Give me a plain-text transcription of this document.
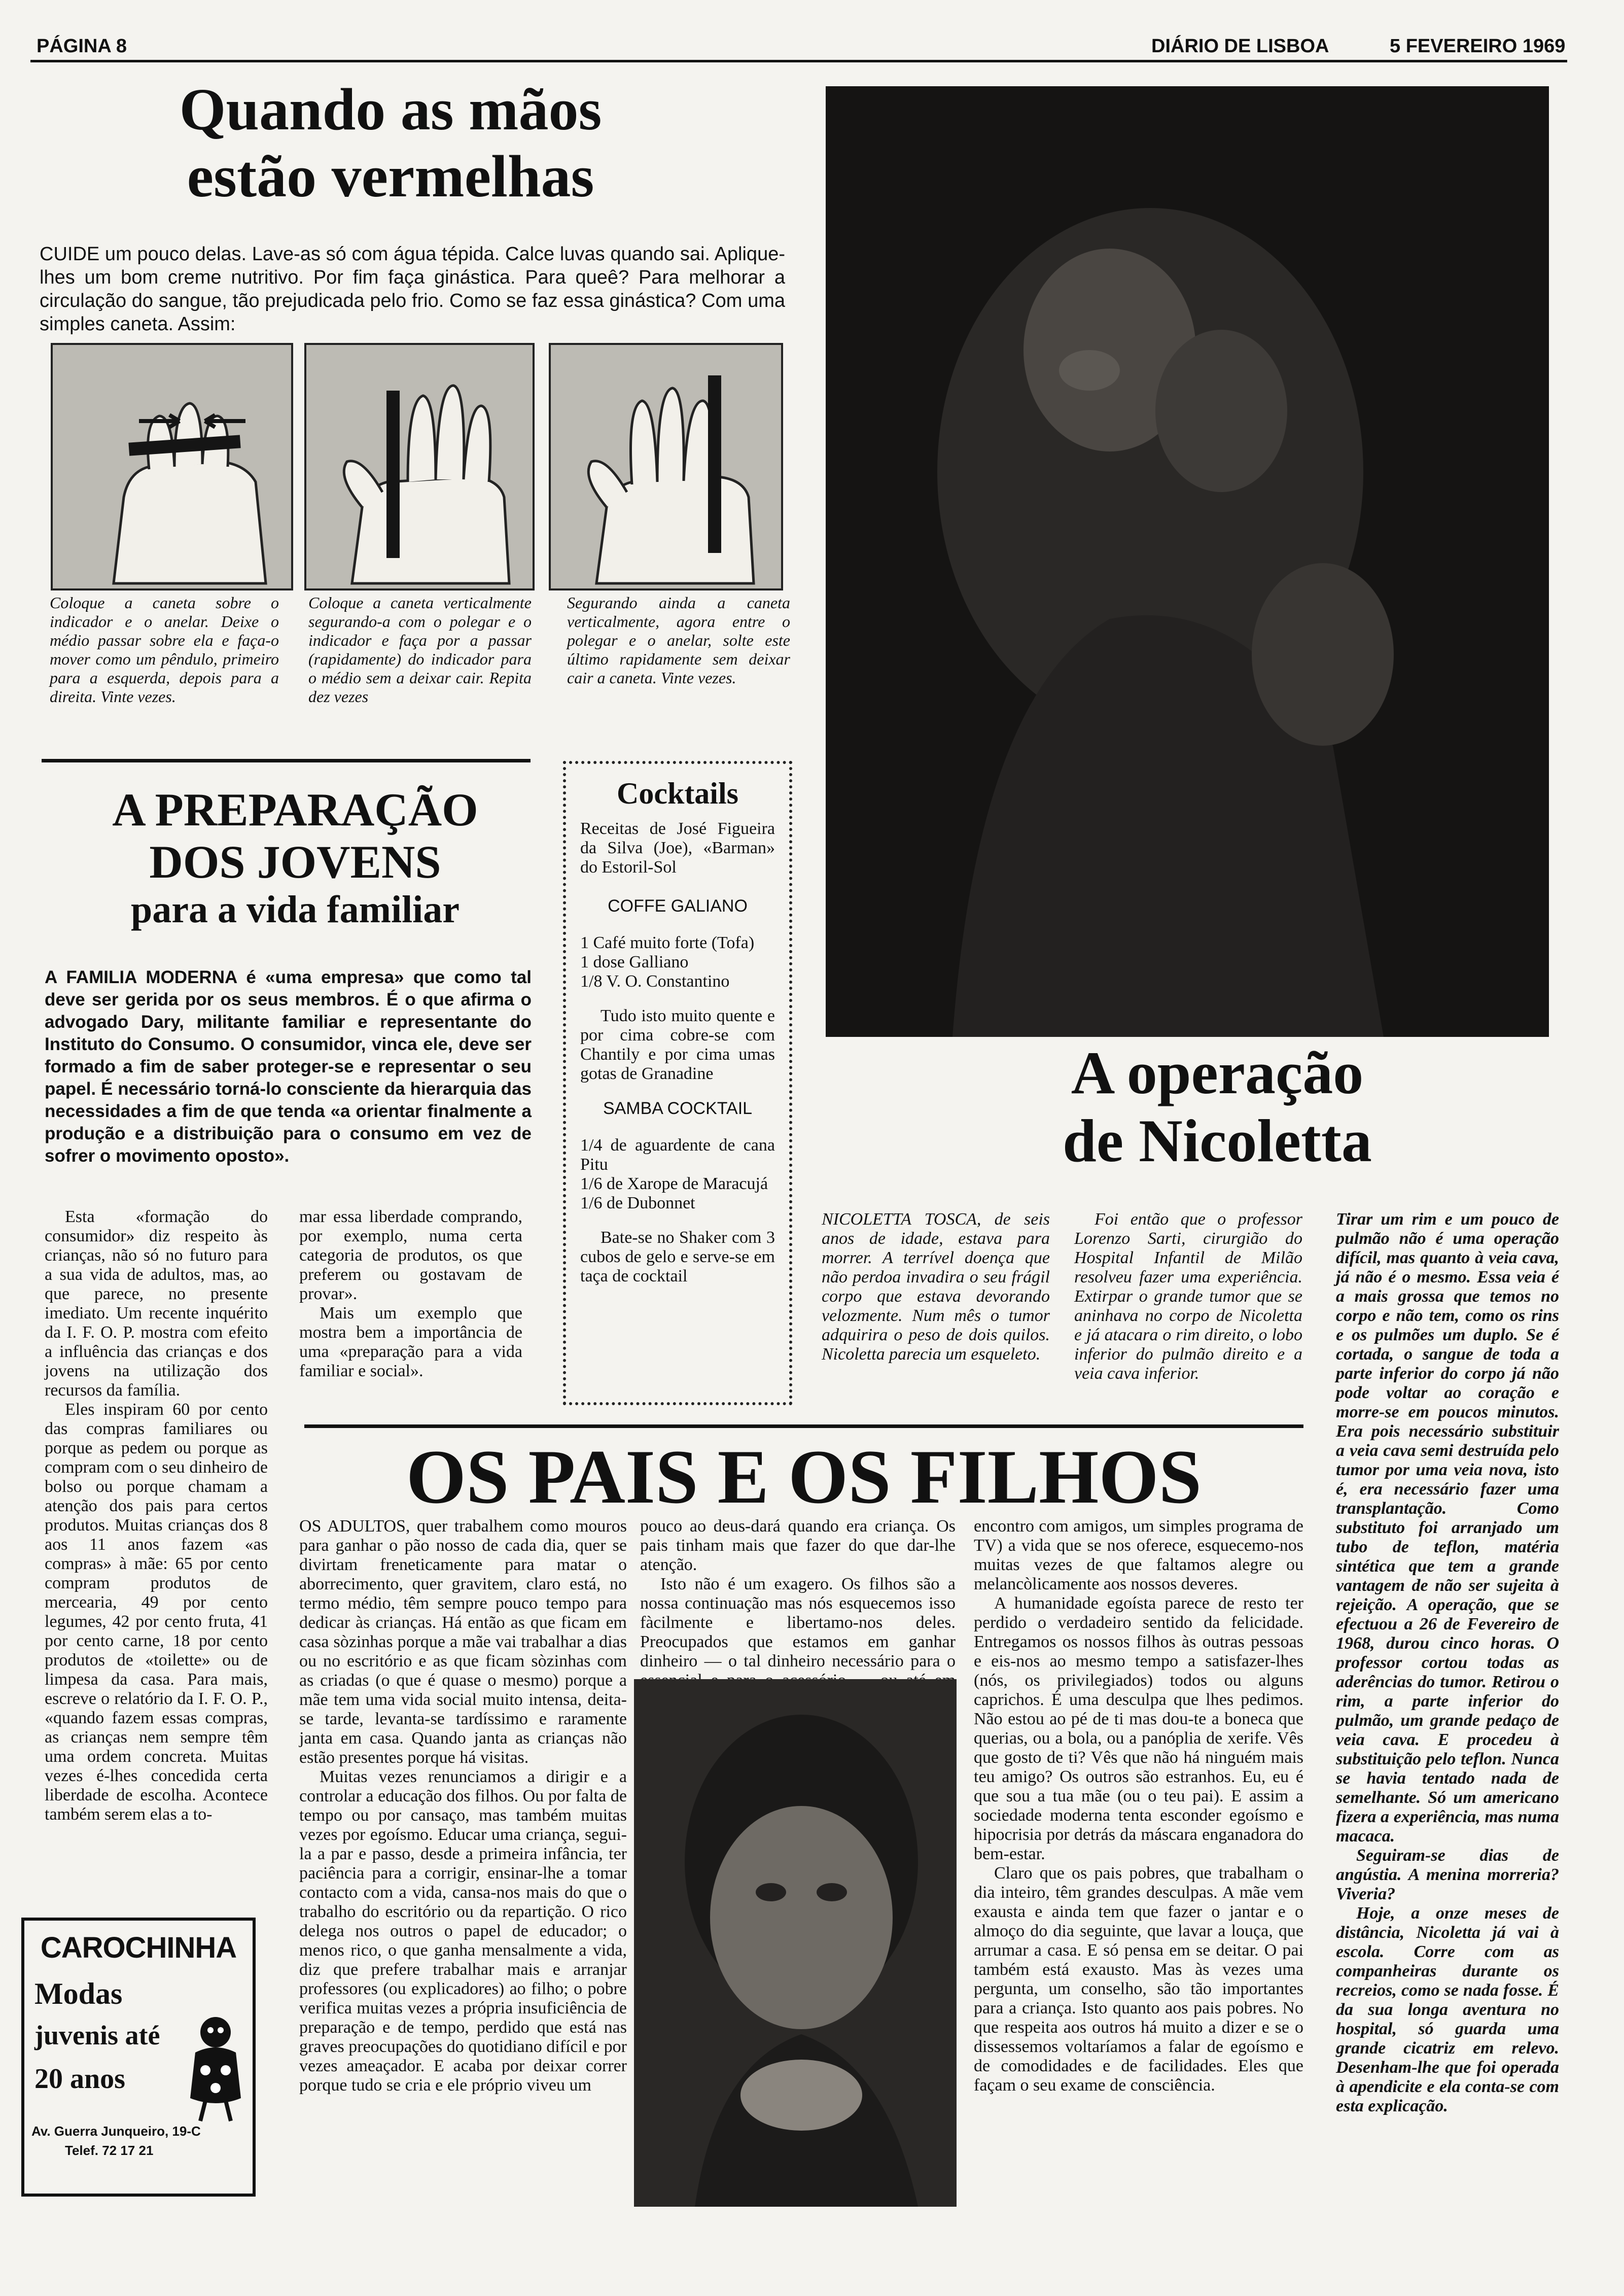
PÁGINA 8	DIÁRIO DE LISBOA	5 FEVEREIRO 1969
Quando as mãos
estão vermelhas
CUIDE um pouco delas. Lave-as só com água tépida. Calce luvas quando sai. Aplique-lhes um bom creme nutritivo. Por fim faça ginástica. Para queê? Para melhorar a circulação do sangue, tão prejudicada pelo frio. Como se faz essa ginástica? Com uma simples caneta. Assim:
Coloque a caneta sobre o indicador e o anelar. Deixe o médio passar sobre ela e faça-o mover como um pêndulo, primeiro para a esquerda, depois para a direita. Vinte vezes.
Coloque a caneta verticalmente segurando-a com o polegar e o indicador e faça por a passar (rapidamente) do indicador para o médio sem a deixar cair. Repita dez vezes
Segurando ainda a caneta verticalmente, agora entre o polegar e o anelar, solte este último rapidamente sem deixar cair a caneta. Vinte vezes.
A PREPARAÇÃO
DOS JOVENS
para a vida familiar
A FAMILIA MODERNA é «uma empresa» que como tal deve ser gerida por os seus membros. É o que afirma o advogado Dary, militante familiar e representante do Instituto do Consumo. O consumidor, vinca ele, deve ser formado a fim de saber proteger-se e representar o seu papel. É necessário torná-lo consciente da hierarquia das necessidades a fim de que tenda «a orientar finalmente a produção e a distribuição para o consumo em vez de sofrer o movimento oposto».

Esta «formação do consumidor» diz respeito às crianças, não só no futuro para a sua vida de adultos, mas, ao que parece, no presente imediato. Um recente inquérito da I. F. O. P. mostra com efeito a influência das crianças e dos jovens na utilização dos recursos da família.

Eles inspiram 60 por cento das compras familiares ou porque as pedem ou porque as compram com o seu dinheiro de bolso ou porque chamam a atenção dos pais para certos produtos. Muitas crianças dos 8 aos 11 anos fazem «as compras» à mãe: 65 por cento compram produtos de mercearia, 49 por cento legumes, 42 por cento fruta, 41 por cento carne, 18 por cento produtos de «toilette» ou de limpesa da casa. Para mais, escreve o relatório da I. F. O. P., «quando fazem essas compras, as crianças nem sempre têm uma ordem concreta. Muitas vezes é-lhes concedida certa liberdade de escolha. Acontece também serem elas a to-

mar essa liberdade comprando, por exemplo, numa certa categoria de produtos, os que preferem ou gostavam de provar».

Mais um exemplo que mostra bem a importância de uma «preparação para a vida familiar e social».

Cocktails
Receitas de José Figueira da Silva (Joe), «Barman» do Estoril-Sol
COFFE GALIANO
1 Café muito forte (Tofa)
1 dose Galliano
1/8 V. O. Constantino
Tudo isto muito quente e por cima cobre-se com Chantily e por cima umas gotas de Granadine
SAMBA COCKTAIL
1/4 de aguardente de cana Pitu
1/6 de Xarope de Maracujá
1/6 de Dubonnet
Bate-se no Shaker com 3 cubos de gelo e serve-se em taça de cocktail
A operação
de Nicoletta
NICOLETTA TOSCA, de seis anos de idade, estava para morrer. A terrível doença que não perdoa invadira o seu frágil corpo que estava devorando velozmente. Num mês o tumor adquirira o peso de dois quilos. Nicoletta parecia um esqueleto.
Foi então que o professor Lorenzo Sarti, cirurgião do Hospital Infantil de Milão resolveu fazer uma experiência. Extirpar o grande tumor que se aninhava no corpo de Nicoletta e já atacara o rim direito, o lobo inferior do pulmão direito e a veia cava inferior.

Tirar um rim e um pouco de pulmão não é uma operação difícil, mas quanto à veia cava, já não é o mesmo. Essa veia é a mais grossa que temos no corpo e não tem, como os rins e os pulmões um duplo. Se é cortada, o sangue de toda a parte inferior do corpo já não pode voltar ao coração e morre-se em poucos minutos. Era pois necessário substituir a veia cava semi destruída pelo tumor por uma veia nova, isto é, era necessário fazer uma transplantação. Como substituto foi arranjado um tubo de teflon, matéria sintética que tem a grande vantagem de não ser sujeita à rejeição. A operação, que se efectuou a 26 de Fevereiro de 1968, durou cinco horas. O professor cortou todas as aderências do tumor. Retirou o rim, a parte inferior do pulmão, um grande pedaço de veia cava. E procedeu à substituição pelo teflon. Nunca se havia tentado nada de semelhante. Só um americano fizera a experiência, mas numa macaca.

Seguiram-se dias de angústia. A menina morreria? Viveria?

Hoje, a onze meses de distância, Nicoletta já vai à escola. Corre com as companheiras durante os recreios, como se nada fosse. É da sua longa aventura no hospital, só guarda uma grande cicatriz em relevo. Desenham-lhe que foi operada à apendicite e ela conta-se com esta explicação.

OS PAIS E OS FILHOS

OS ADULTOS, quer trabalhem como mouros para ganhar o pão nosso de cada dia, quer se divirtam freneticamente para matar o aborrecimento, quer gravitem, claro está, no termo médio, têm sempre pouco tempo para dedicar às crianças. Há então as que ficam em casa sòzinhas porque a mãe vai trabalhar a dias ou no escritório e as que ficam sòzinhas com as criadas (o que é quase o mesmo) porque a mãe tem uma vida social muito intensa, deita-se tarde, levanta-se tardíssimo e raramente janta em casa. Quando janta as crianças não estão presentes porque há visitas.

Muitas vezes renunciamos a dirigir e a controlar a educação dos filhos. Ou por falta de tempo ou por cansaço, mas também muitas vezes por egoísmo. Educar uma criança, segui-la a par e passo, desde a primeira infância, ter paciência para a corrigir, ensinar-lhe a tomar contacto com a vida, cansa-nos mais do que o trabalho do escritório ou da repartição. O rico delega nos outros o papel de educador; o menos rico, o que ganha mensalmente a vida, diz que prefere trabalhar mais e arranjar professores (ou explicadores) ao filho; o pobre verifica muitas vezes a própria insuficiência de preparação e de tempo, perdido que está nas graves preocupações do quotidiano difícil e por vezes ameaçador. E acaba por deixar correr porque tudo se cria e ele próprio viveu um

pouco ao deus-dará quando era criança. Os pais tinham mais que fazer do que dar-lhe atenção.

Isto não é um exagero. Os filhos são a nossa continuação mas nós esquecemos isso fàcilmente e libertamo-nos deles. Preocupados que estamos em ganhar dinheiro — o tal dinheiro necessário para o

encontro com amigos, um simples programa de TV) a vida que se nos oferece, esquecemo-nos muitas vezes de que faltamos alegre ou melancòlicamente aos nossos deveres.

A humanidade egoísta parece de resto ter perdido o verdadeiro sentido da felicidade. Entregamos os nossos filhos às outras pessoas e eis-nos ao mesmo tempo a satisfazer-lhes (nós, os privilegiados) todos ou alguns caprichos. É uma desculpa que lhes pedimos. Não estou ao pé de ti mas dou-te a boneca que querias, ou a bola, ou a panóplia de xerife. Vês que gosto de ti? Vês que não há ninguém mais teu amigo? Os outros são estranhos. Eu, eu é que sou a tua mãe (ou o teu pai). E assim a sociedade moderna tenta esconder egoísmo e hipocrisia por detrás da máscara enganadora do bem-estar.

Claro que os pais pobres, que trabalham o dia inteiro, têm grandes desculpas. A mãe vem exausta e ainda tem que fazer o jantar e o almoço do dia seguinte, que lavar a louça, que arrumar a casa. E só pensa em se deitar. O pai também está exausto. Mas às vezes uma pergunta, um conselho, são tão importantes para a criança. Isto quanto aos pais pobres. No que respeita aos outros há muito a dizer e se o dissessemos voltaríamos a falar de egoísmo e de comodidades e de facilidades. Eles que façam o seu exame de consciência.

CAROCHINHA
Modas
juvenis até
20 anos
Av. Guerra Junqueiro, 19-C
Telef. 72 17 21
